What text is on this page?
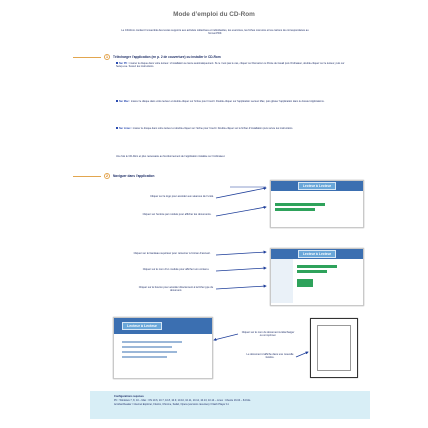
Mode d’emploi du CD-Rom
Le CD-Rom contient l’ensemble des textes supports aux activités collectives et individuelles, les exercices, les fiches mémoire et les cartons de correspondance au format PDF.
1	Télécharger l’application (en p. 2 de couverture) ou installer le CD-Rom
Sur PC : insérer le disque dans votre lecteur. L’installation se lance automatiquement. Si ce n’est pas le cas, cliquez sur Démarrer ou Poste de travail puis Ordinateur, double-cliquez sur le lecteur, puis sur Setup.exe. Suivez les instructions.
Sur Mac : insérer le disque dans votre lecteur et double-cliquer sur l’icône pour l’ouvrir. Double-cliquer sur l’application Lecteur Mac, puis glisser l’application dans le dossier Applications.
Sur Linux : insérer le disque dans votre lecteur et double-cliquer sur l’icône pour l’ouvrir. Double-cliquer sur le fichier d’installation puis suivre les instructions.
Une fois le CD-Rom et plus nécessaire au fonctionnement de l’application installée sur l’ordinateur.
2	Naviguer dans l’application
Lecteur à Lecteur
Lecteur à Lecteur
Lecteur à Lecteur
Cliquer sur le logo pour accéder aux séances de l’unité.
Cliquer sur l’entrée par module pour afficher les documents.
Cliquer sur le bandeau supérieur pour retourner à l’écran d’accueil.
Cliquer sur le nom d’un module pour afficher son contenu.
Cliquer sur le bouton pour accéder directement à la fiche type du document.
Cliquer sur le nom du document à télécharger ou à imprimer.
Le document s’affiche dans une nouvelle fenêtre.
Configurations requises
PC : Windows 7, 8, 10 – Mac : OS 10.6, 10.7, 10.8, 10.9, 10.10, 10.11, 10.12, 10.13, 10.14 – Linux : Ubuntu 16.04 – 64 bits.
Acrobat Reader / Internet Explorer, Firefox, Chrome, Safari, Opera (versions récentes) / Flash Player 11
